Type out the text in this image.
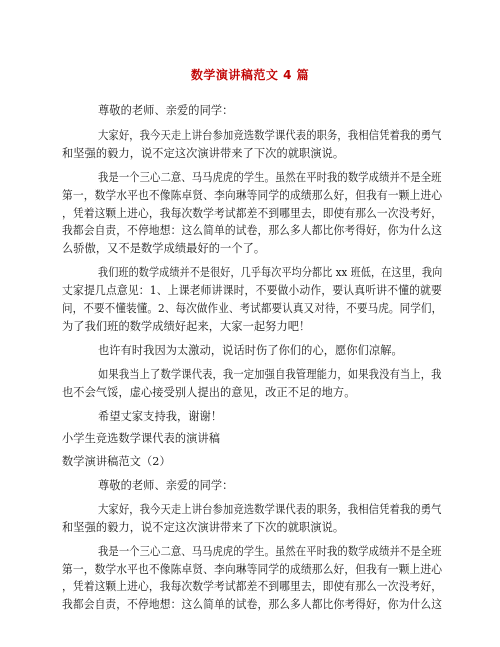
数学演讲稿范文 4 篇
尊敬的老师、亲爱的同学：
大家好，我今天走上讲台参加竞选数学课代表的职务，我相信凭着我的勇气
和坚强的毅力，说不定这次演讲带来了下次的就职演说。
我是一个三心二意、马马虎虎的学生。虽然在平时我的数学成绩并不是全班
第一，数学水平也不像陈卓贤、李向琳等同学的成绩那么好，但我有一颗上进心
，凭着这颗上进心，我每次数学考试都差不到哪里去，即使有那么一次没考好，
我都会自责，不停地想：这么简单的试卷，那么多人都比你考得好，你为什么这
么骄傲，又不是数学成绩最好的一个了。
我们班的数学成绩并不是很好，几乎每次平均分都比 xx 班低，在这里，我向
丈家提几点意见：1、上课老师讲课时，不要做小动作，要认真听讲不懂的就要
问，不要不懂装懂。2、每次做作业、考试都要认真又对待，不要马虎。同学们，
为了我们班的数学成绩好起来，大家一起努力吧！
也许有时我因为太激动，说话时伤了你们的心，愿你们凉解。
如果我当上了数学课代表，我一定加强自我管理能力，如果我没有当上，我
也不会气馁，虚心接受别人提出的意见，改正不足的地方。
希望丈家支持我，谢谢！
小学生竞选数学课代表的演讲稿
数学演讲稿范文（2）
尊敬的老师、亲爱的同学：
大家好，我今天走上讲台参加竞选数学课代表的职务，我相信凭着我的勇气
和坚强的毅力，说不定这次演讲带来了下次的就职演说。
我是一个三心二意、马马虎虎的学生。虽然在平时我的数学成绩并不是全班
第一，数学水平也不像陈卓贤、李向琳等同学的成绩那么好，但我有一颗上进心
，凭着这颗上进心，我每次数学考试都差不到哪里去，即使有那么一次没考好，
我都会自责，不停地想：这么简单的试卷，那么多人都比你考得好，你为什么这
